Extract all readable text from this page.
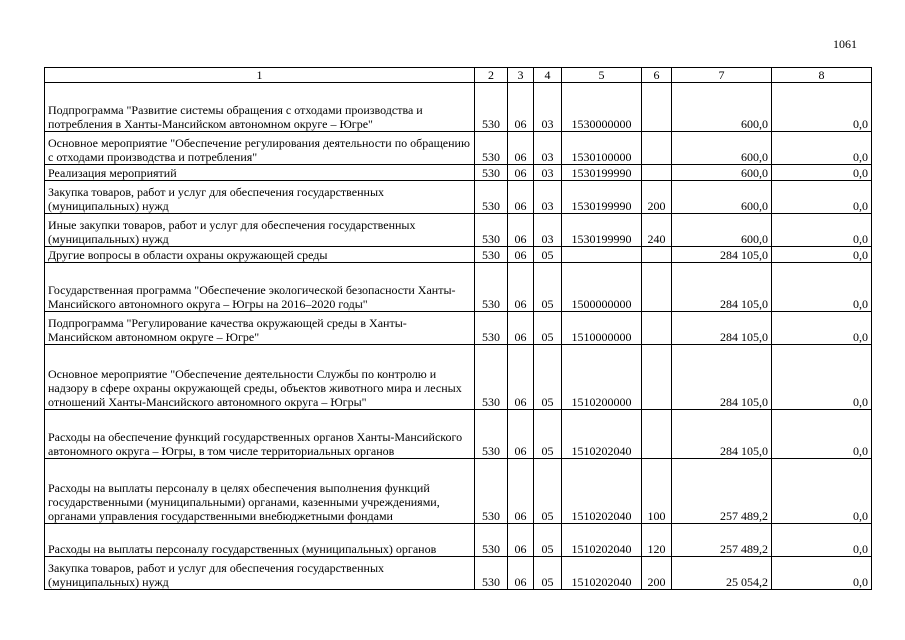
1061
1	2	3	4	5	6	7	8
Подпрограмма "Развитие системы обращения с отходами производства и потребления в Ханты-Мансийском автономном округе – Югре"	530	06	03	1530000000		600,0	0,0
Основное мероприятие "Обеспечение регулирования деятельности по обращению с отходами производства и потребления"	530	06	03	1530100000		600,0	0,0
Реализация мероприятий	530	06	03	1530199990		600,0	0,0
Закупка товаров, работ и услуг для обеспечения государственных (муниципальных) нужд	530	06	03	1530199990	200	600,0	0,0
Иные закупки товаров, работ и услуг для обеспечения государственных (муниципальных) нужд	530	06	03	1530199990	240	600,0	0,0
Другие вопросы в области охраны окружающей среды	530	06	05			284 105,0	0,0
Государственная программа "Обеспечение экологической безопасности Ханты-Мансийского автономного округа – Югры на 2016–2020 годы"	530	06	05	1500000000		284 105,0	0,0
Подпрограмма "Регулирование качества окружающей среды в Ханты-Мансийском автономном округе – Югре"	530	06	05	1510000000		284 105,0	0,0
Основное мероприятие "Обеспечение деятельности Службы по контролю и надзору в сфере охраны окружающей среды, объектов животного мира и лесных отношений Ханты-Мансийского автономного округа – Югры"	530	06	05	1510200000		284 105,0	0,0
Расходы на обеспечение функций государственных органов Ханты-Мансийского автономного округа – Югры, в том числе территориальных органов	530	06	05	1510202040		284 105,0	0,0
Расходы на выплаты персоналу в целях обеспечения выполнения функций государственными (муниципальными) органами, казенными учреждениями, органами управления государственными внебюджетными фондами	530	06	05	1510202040	100	257 489,2	0,0
Расходы на выплаты персоналу государственных (муниципальных) органов	530	06	05	1510202040	120	257 489,2	0,0
Закупка товаров, работ и услуг для обеспечения государственных (муниципальных) нужд	530	06	05	1510202040	200	25 054,2	0,0
